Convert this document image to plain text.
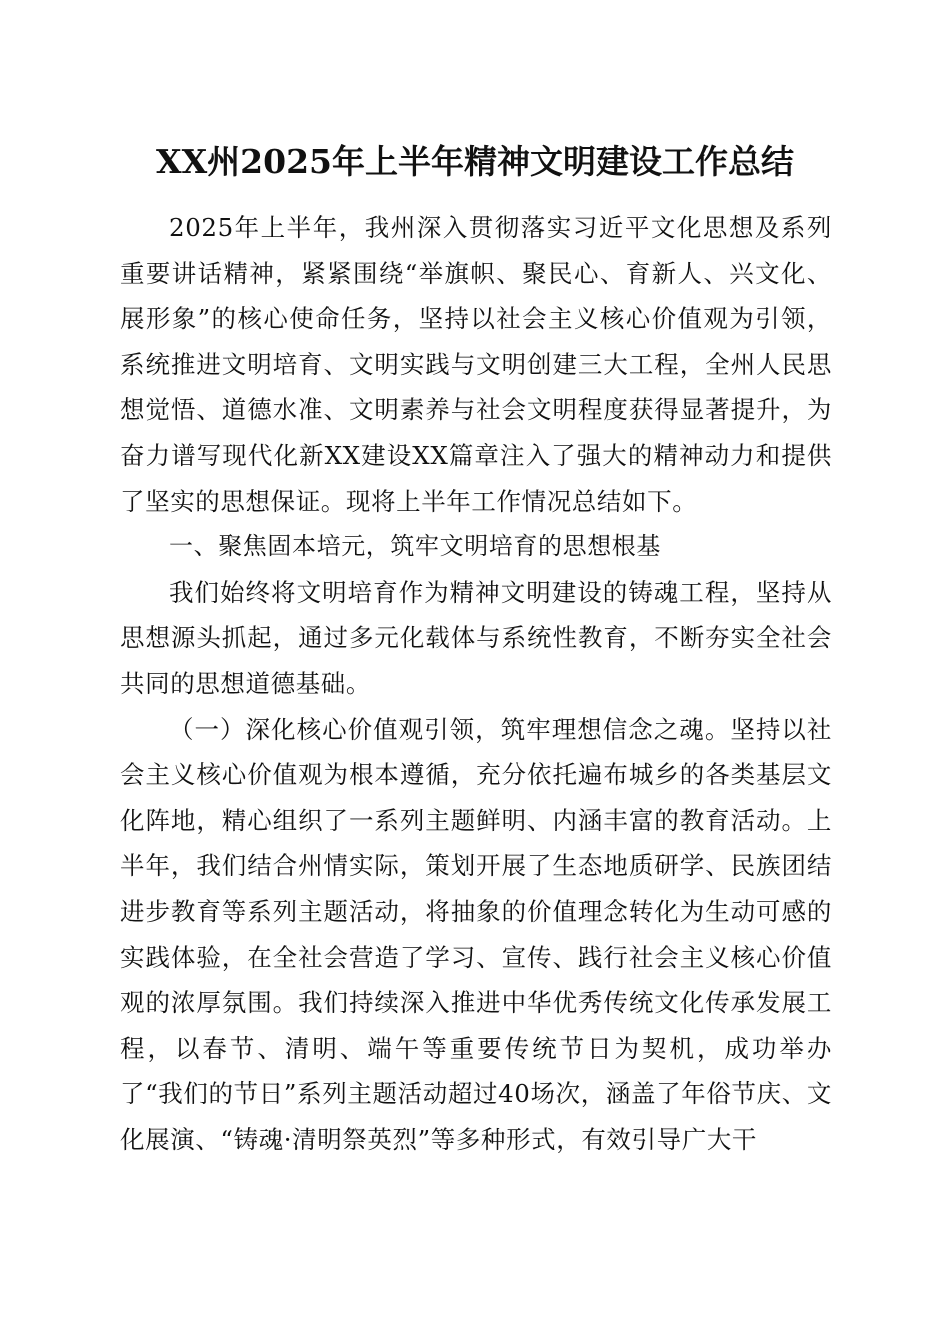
XX州2025年上半年精神文明建设工作总结

2025年上半年，我州深入贯彻落实习近平文化思想及系列重要讲话精神，紧紧围绕“举旗帜、聚民心、育新人、兴文化、展形象”的核心使命任务，坚持以社会主义核心价值观为引领，系统推进文明培育、文明实践与文明创建三大工程，全州人民思想觉悟、道德水准、文明素养与社会文明程度获得显著提升，为奋力谱写现代化新XX建设XX篇章注入了强大的精神动力和提供了坚实的思想保证。现将上半年工作情况总结如下。

一、聚焦固本培元，筑牢文明培育的思想根基

我们始终将文明培育作为精神文明建设的铸魂工程，坚持从思想源头抓起，通过多元化载体与系统性教育，不断夯实全社会共同的思想道德基础。

（一）深化核心价值观引领，筑牢理想信念之魂。坚持以社会主义核心价值观为根本遵循，充分依托遍布城乡的各类基层文化阵地，精心组织了一系列主题鲜明、内涵丰富的教育活动。上半年，我们结合州情实际，策划开展了生态地质研学、民族团结进步教育等系列主题活动，将抽象的价值理念转化为生动可感的实践体验，在全社会营造了学习、宣传、践行社会主义核心价值观的浓厚氛围。我们持续深入推进中华优秀传统文化传承发展工程，以春节、清明、端午等重要传统节日为契机，成功举办了“我们的节日”系列主题活动超过40场次，涵盖了年俗节庆、文化展演、“铸魂·清明祭英烈”等多种形式，有效引导广大干
